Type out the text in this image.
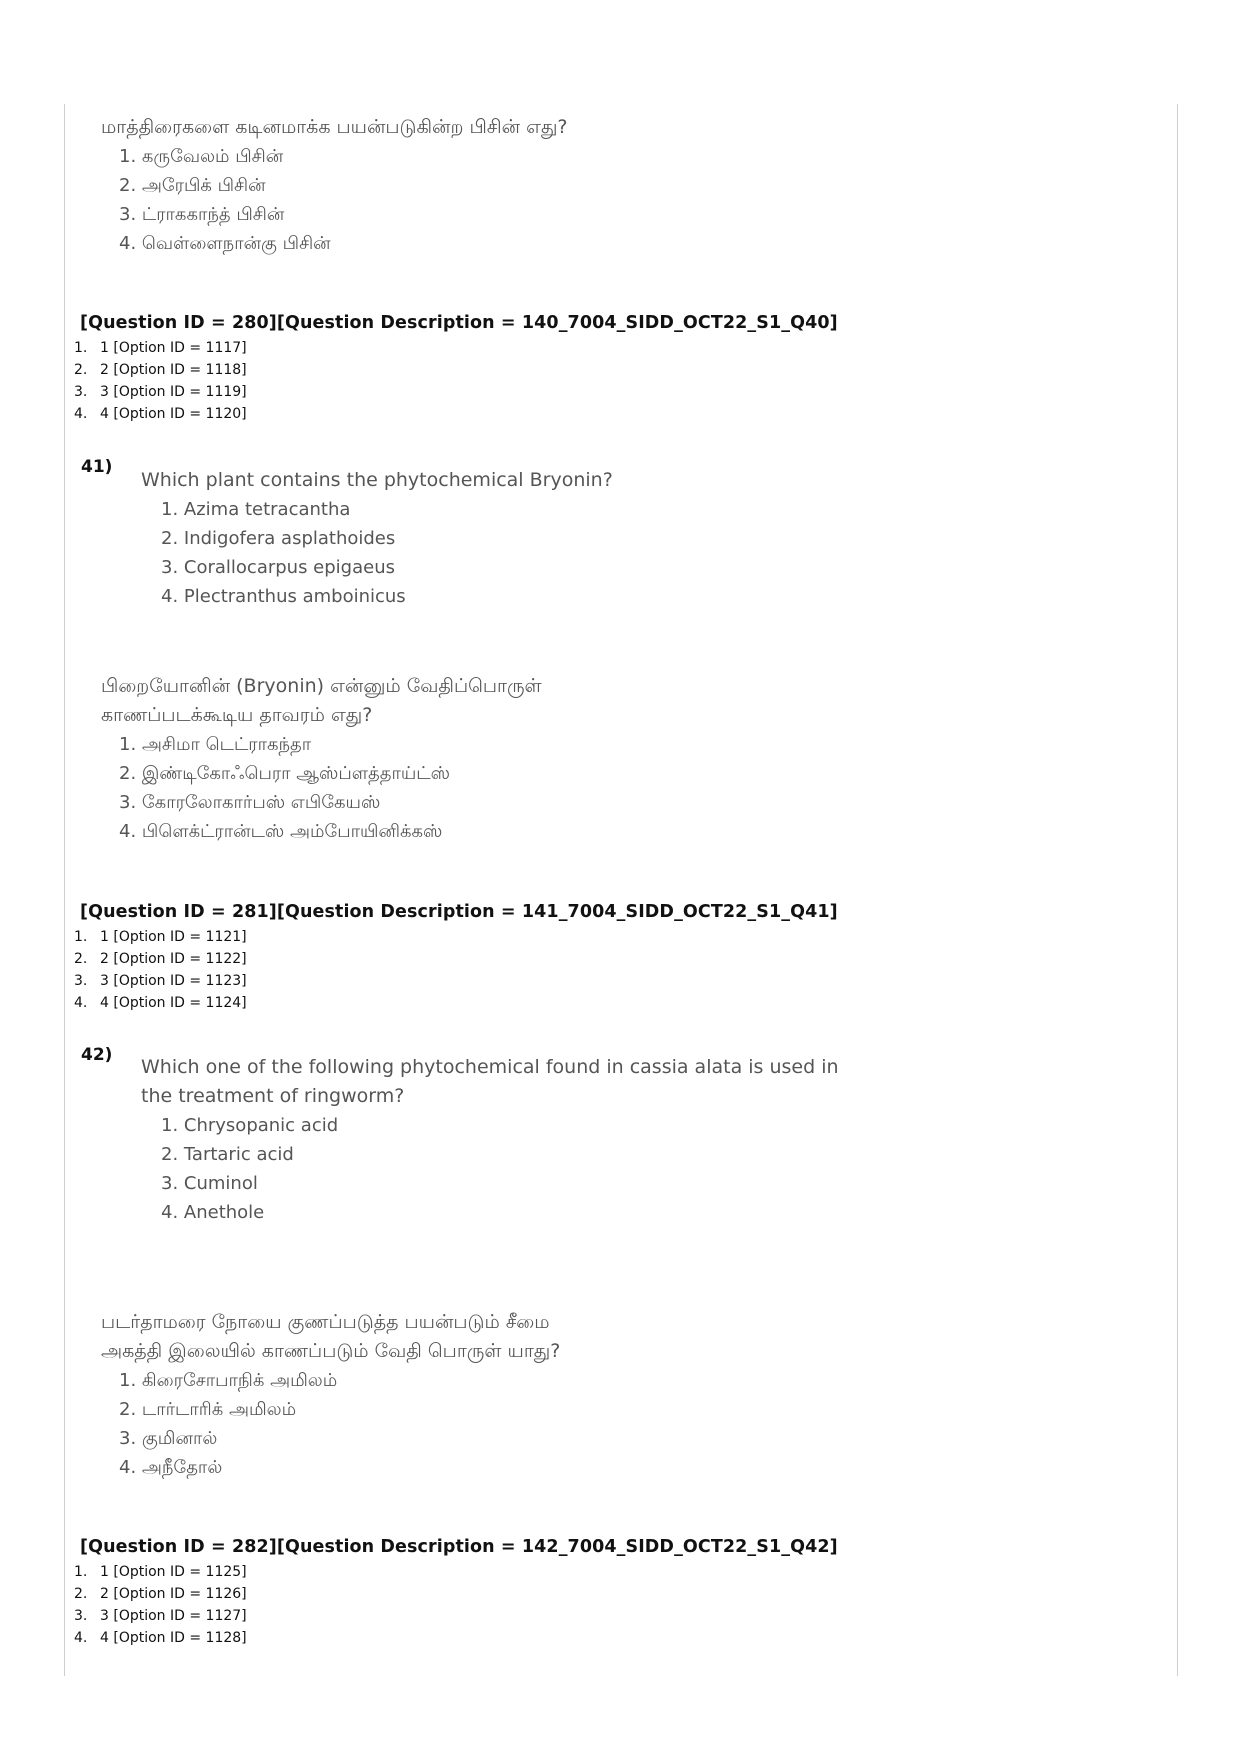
மாத்திரைகளை கடினமாக்க பயன்படுகின்ற பிசின் எது?
1. கருவேலம் பிசின்
2. அரேபிக் பிசின்
3. ட்ராககாந்த் பிசின்
4. வெள்ளைநான்கு பிசின்
[Question ID = 280][Question Description = 140_7004_SIDD_OCT22_S1_Q40]
1. 1 [Option ID = 1117]
2. 2 [Option ID = 1118]
3. 3 [Option ID = 1119]
4. 4 [Option ID = 1120]
41)
Which plant contains the phytochemical Bryonin?
1. Azima tetracantha
2. Indigofera asplathoides
3. Corallocarpus epigaeus
4. Plectranthus amboinicus
பிறையோனின் (Bryonin) என்னும் வேதிப்பொருள்
காணப்படக்கூடிய தாவரம் எது?
1. அசிமா டெட்ராகந்தா
2. இண்டிகோஃபெரா ஆஸ்ப்ளத்தாய்ட்ஸ்
3. கோரலோகார்பஸ் எபிகேயஸ்
4. பிளெக்ட்ரான்டஸ் அம்போயினிக்கஸ்
[Question ID = 281][Question Description = 141_7004_SIDD_OCT22_S1_Q41]
1. 1 [Option ID = 1121]
2. 2 [Option ID = 1122]
3. 3 [Option ID = 1123]
4. 4 [Option ID = 1124]
42)
Which one of the following phytochemical found in cassia alata is used in
the treatment of ringworm?
1. Chrysopanic acid
2. Tartaric acid
3. Cuminol
4. Anethole
படர்தாமரை நோயை குணப்படுத்த பயன்படும் சீமை
அகத்தி இலையில் காணப்படும் வேதி பொருள் யாது?
1. கிரைசோபாநிக் அமிலம்
2. டார்டாரிக் அமிலம்
3. குமினால்
4. அநீதோல்
[Question ID = 282][Question Description = 142_7004_SIDD_OCT22_S1_Q42]
1. 1 [Option ID = 1125]
2. 2 [Option ID = 1126]
3. 3 [Option ID = 1127]
4. 4 [Option ID = 1128]
